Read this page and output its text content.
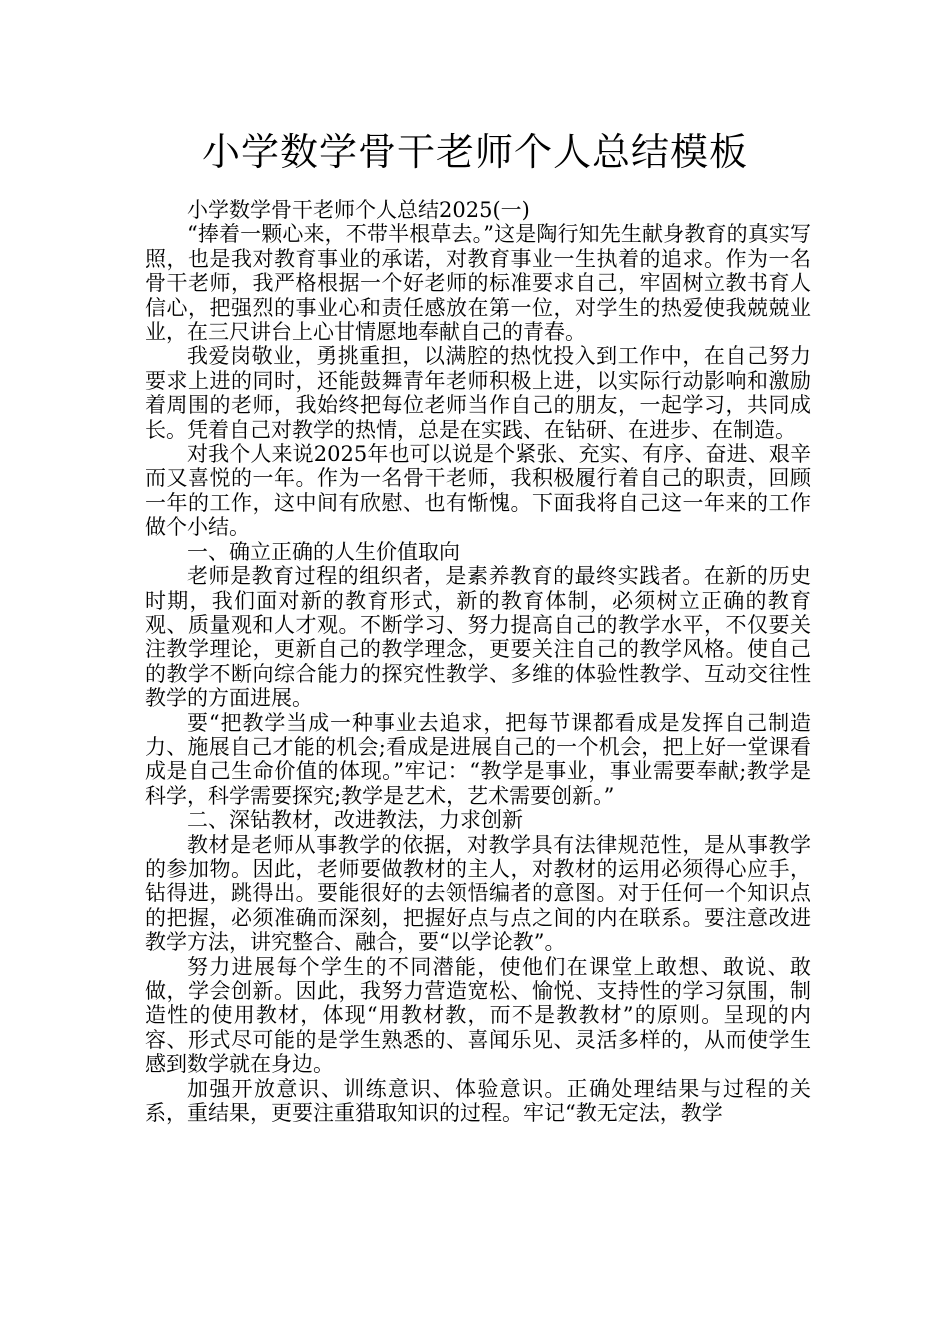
小学数学骨干老师个人总结模板

小学数学骨干老师个人总结2025(一)

“捧着一颗心来，不带半根草去。”这是陶行知先生献身教育的真实写照，也是我对教育事业的承诺，对教育事业一生执着的追求。作为一名骨干老师，我严格根据一个好老师的标准要求自己，牢固树立教书育人信心，把强烈的事业心和责任感放在第一位，对学生的热爱使我兢兢业业，在三尺讲台上心甘情愿地奉献自己的青春。

我爱岗敬业，勇挑重担，以满腔的热忱投入到工作中，在自己努力要求上进的同时，还能鼓舞青年老师积极上进，以实际行动影响和激励着周围的老师，我始终把每位老师当作自己的朋友，一起学习，共同成长。凭着自己对教学的热情，总是在实践、在钻研、在进步、在制造。

对我个人来说2025年也可以说是个紧张、充实、有序、奋进、艰辛而又喜悦的一年。作为一名骨干老师，我积极履行着自己的职责，回顾一年的工作，这中间有欣慰、也有惭愧。下面我将自己这一年来的工作做个小结。

一、确立正确的人生价值取向

老师是教育过程的组织者，是素养教育的最终实践者。在新的历史时期，我们面对新的教育形式，新的教育体制，必须树立正确的教育观、质量观和人才观。不断学习、努力提高自己的教学水平，不仅要关注教学理论，更新自己的教学理念，更要关注自己的教学风格。使自己的教学不断向综合能力的探究性教学、多维的体验性教学、互动交往性教学的方面进展。

要“把教学当成一种事业去追求，把每节课都看成是发挥自己制造力、施展自己才能的机会;看成是进展自己的一个机会，把上好一堂课看成是自己生命价值的体现。”牢记：“教学是事业，事业需要奉献;教学是科学，科学需要探究;教学是艺术，艺术需要创新。”

二、深钻教材，改进教法，力求创新

教材是老师从事教学的依据，对教学具有法律规范性，是从事教学的参加物。因此，老师要做教材的主人，对教材的运用必须得心应手，钻得进，跳得出。要能很好的去领悟编者的意图。对于任何一个知识点的把握，必须准确而深刻，把握好点与点之间的内在联系。要注意改进教学方法，讲究整合、融合，要“以学论教”。

努力进展每个学生的不同潜能，使他们在课堂上敢想、敢说、敢做，学会创新。因此，我努力营造宽松、愉悦、支持性的学习氛围，制造性的使用教材，体现“用教材教，而不是教教材”的原则。呈现的内容、形式尽可能的是学生熟悉的、喜闻乐见、灵活多样的，从而使学生感到数学就在身边。

加强开放意识、训练意识、体验意识。正确处理结果与过程的关系，重结果，更要注重猎取知识的过程。牢记“教无定法，教学
